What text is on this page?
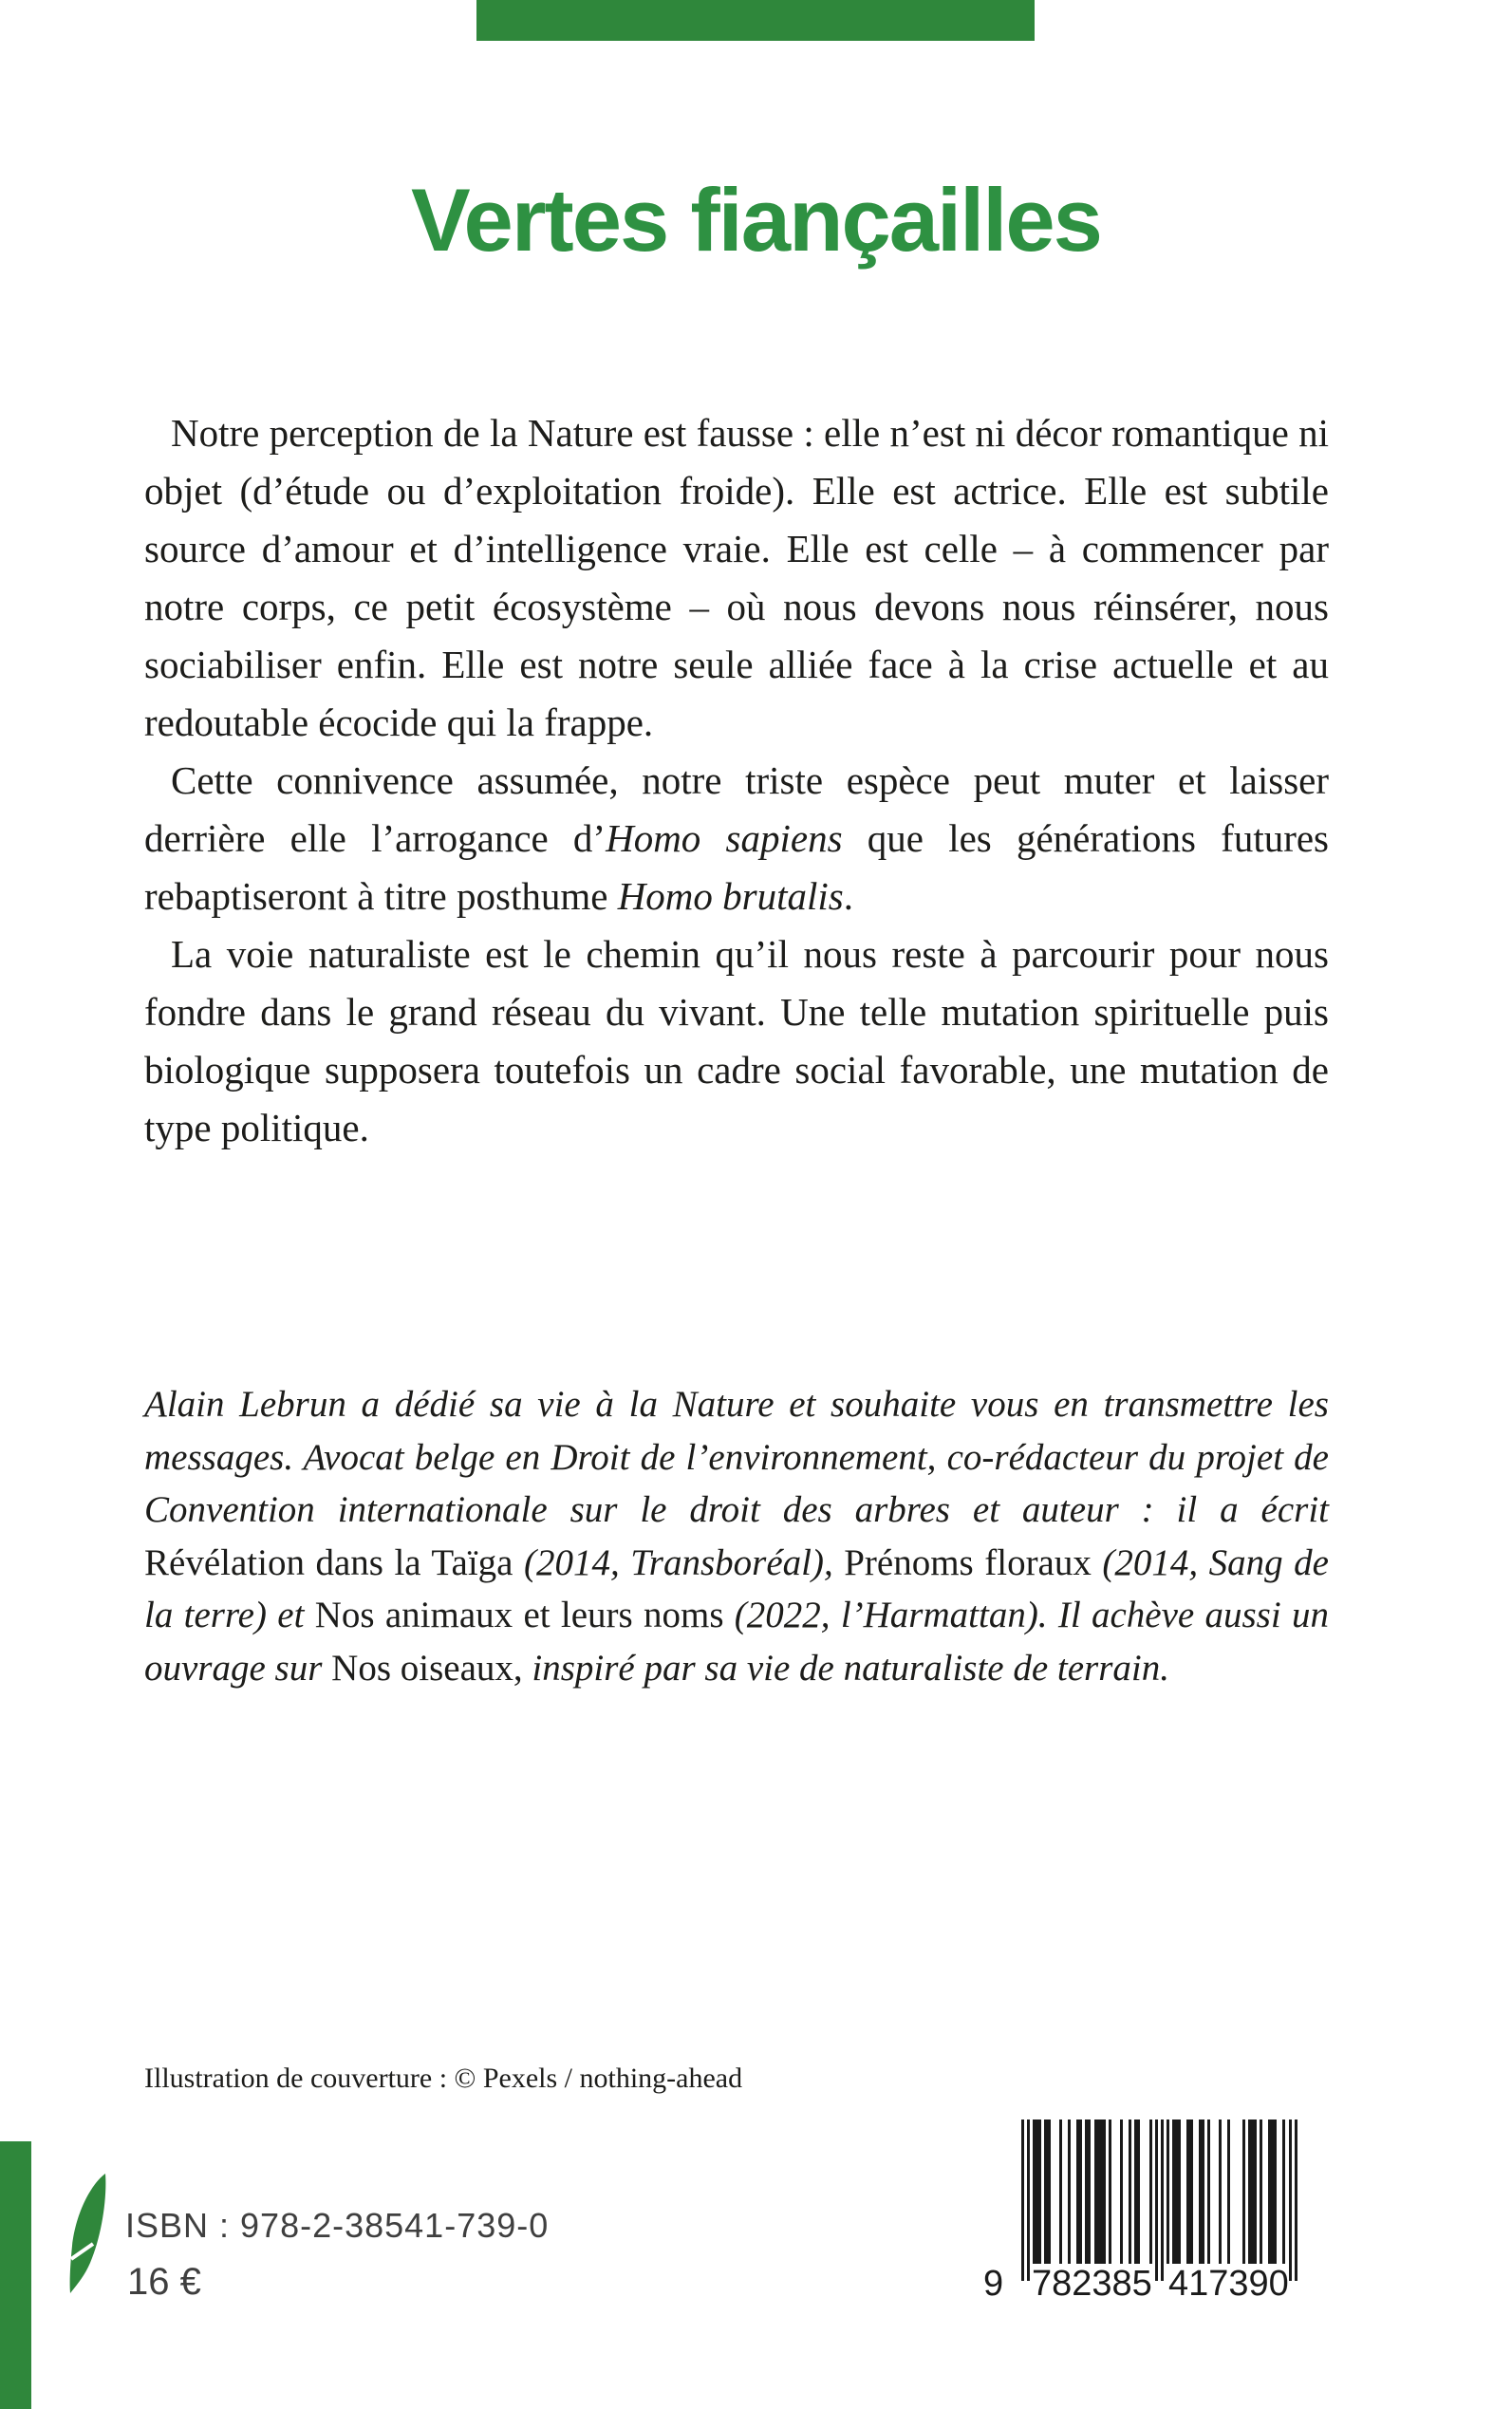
Vertes fiançailles

Notre perception de la Nature est fausse : elle n’est ni décor romantique ni objet (d’étude ou d’exploitation froide). Elle est actrice. Elle est subtile source d’amour et d’intelligence vraie. Elle est celle – à commencer par notre corps, ce petit écosystème – où nous devons nous réinsérer, nous sociabiliser enfin. Elle est notre seule alliée face à la crise actuelle et au redoutable écocide qui la frappe.

Cette connivence assumée, notre triste espèce peut muter et laisser derrière elle l’arrogance d’Homo sapiens que les générations futures rebaptiseront à titre posthume Homo brutalis.

La voie naturaliste est le chemin qu’il nous reste à parcourir pour nous fondre dans le grand réseau du vivant. Une telle mutation spirituelle puis biologique supposera toutefois un cadre social favorable, une mutation de type politique.

Alain Lebrun a dédié sa vie à la Nature et souhaite vous en transmettre les messages. Avocat belge en Droit de l’environnement, co-rédacteur du projet de Convention internationale sur le droit des arbres et auteur : il a écrit Révélation dans la Taïga (2014, Transboréal), Prénoms floraux (2014, Sang de la terre) et Nos animaux et leurs noms (2022, l’Harmattan). Il achève aussi un ouvrage sur Nos oiseaux, inspiré par sa vie de naturaliste de terrain.
Illustration de couverture : © Pexels / nothing-ahead
ISBN : 978-2-38541-739-0
16 €	9 782385 417390
